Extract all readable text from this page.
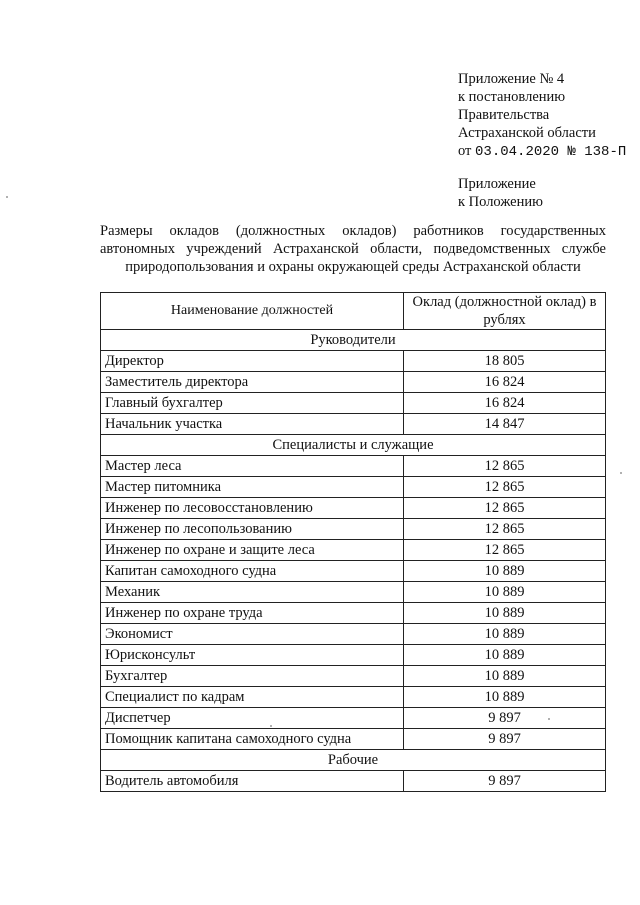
Приложение № 4
к постановлению
Правительства
Астраханской области
от 03.04.2020 № 138-П
Приложение
к Положению
Размеры окладов (должностных окладов) работников государственных автономных учреждений Астраханской области, подведомственных службе природопользования и охраны окружающей среды Астраханской области
Наименование должностей	Оклад (должностной оклад) в рублях
Руководители	
Директор	18 805
Заместитель директора	16 824
Главный бухгалтер	16 824
Начальник участка	14 847
Специалисты и служащие	
Мастер леса	12 865
Мастер питомника	12 865
Инженер по лесовосстановлению	12 865
Инженер по лесопользованию	12 865
Инженер по охране и защите леса	12 865
Капитан самоходного судна	10 889
Механик	10 889
Инженер по охране труда	10 889
Экономист	10 889
Юрисконсульт	10 889
Бухгалтер	10 889
Специалист по кадрам	10 889
Диспетчер	9 897
Помощник капитана самоходного судна	9 897
Рабочие	
Водитель автомобиля	9 897
